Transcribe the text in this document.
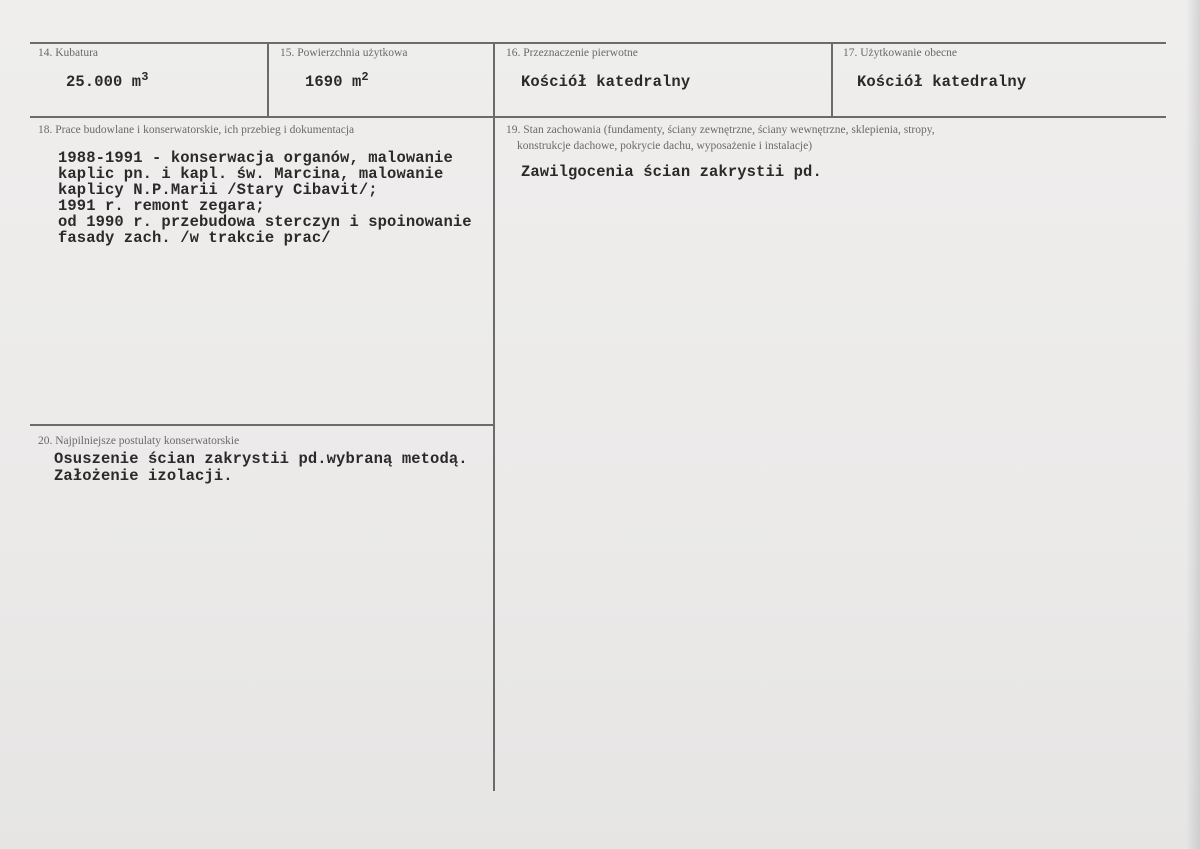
14. Kubatura
25.000 $m^3$
15. Powierzchnia użytkowa
1690 $m^2$
16. Przeznaczenie pierwotne
Kościół katedralny
17. Użytkowanie obecne
Kościół katedralny
18. Prace budowlane i konserwatorskie, ich przebieg i dokumentacja
1988-1991 - konserwacja organów, malowanie
kaplic pn. i kapl. św. Marcina, malowanie
kaplicy N.P.Marii /Stary Cibavit/;
1991 r. remont zegara;
od 1990 r. przebudowa sterczyn i spoinowanie
fasady zach. /w trakcie prac/
19. Stan zachowania (fundamenty, ściany zewnętrzne, ściany wewnętrzne, sklepienia, stropy,
konstrukcje dachowe, pokrycie dachu, wyposażenie i instalacje)
Zawilgocenia ścian zakrystii pd.
20. Najpilniejsze postulaty konserwatorskie
Osuszenie ścian zakrystii pd.wybraną metodą.
Założenie izolacji.
